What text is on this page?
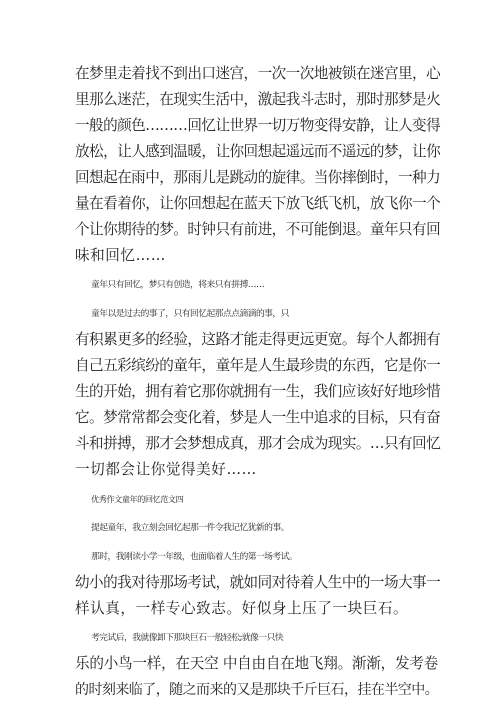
在梦里走着找不到出口迷宫，一次一次地被锁在迷宫里，心
里那么迷茫，在现实生活中，激起我斗志时，那时那梦是火
一般的颜色………回忆让世界一切万物变得安静，让人变得
放松，让人感到温暖，让你回想起遥远而不遥远的梦，让你
回想起在雨中，那雨儿是跳动的旋律。当你摔倒时，一种力
量在看着你，让你回想起在蓝天下放飞纸飞机，放飞你一个
个让你期待的梦。时钟只有前进，不可能倒退。童年只有回
味和回忆……
童年只有回忆，梦只有创造，将来只有拼搏……
童年以是过去的事了，只有回忆起那点点滴滴的事，只
有积累更多的经验，这路才能走得更远更宽。每个人都拥有
自己五彩缤纷的童年，童年是人生最珍贵的东西，它是你一
生的开始，拥有着它那你就拥有一生，我们应该好好地珍惜
它。梦常常都会变化着，梦是人一生中追求的目标，只有奋
斗和拼搏，那才会梦想成真，那才会成为现实。…只有回忆
一切都会让你觉得美好……
优秀作文童年的回忆范文四
提起童年，我立刻会回忆起那一件令我记忆犹新的事。
那时，我刚读小学一年级，也面临着人生的第一场考试。
幼小的我对待那场考试，就如同对待着人生中的一场大事一
样认真，一样专心致志。好似身上压了一块巨石。
考完试后，我就像卸下那块巨石一般轻松;就像一只快
乐的小鸟一样，在天空 中自由自在地飞翔。渐渐，发考卷
的时刻来临了，随之而来的又是那块千斤巨石，挂在半空中。
